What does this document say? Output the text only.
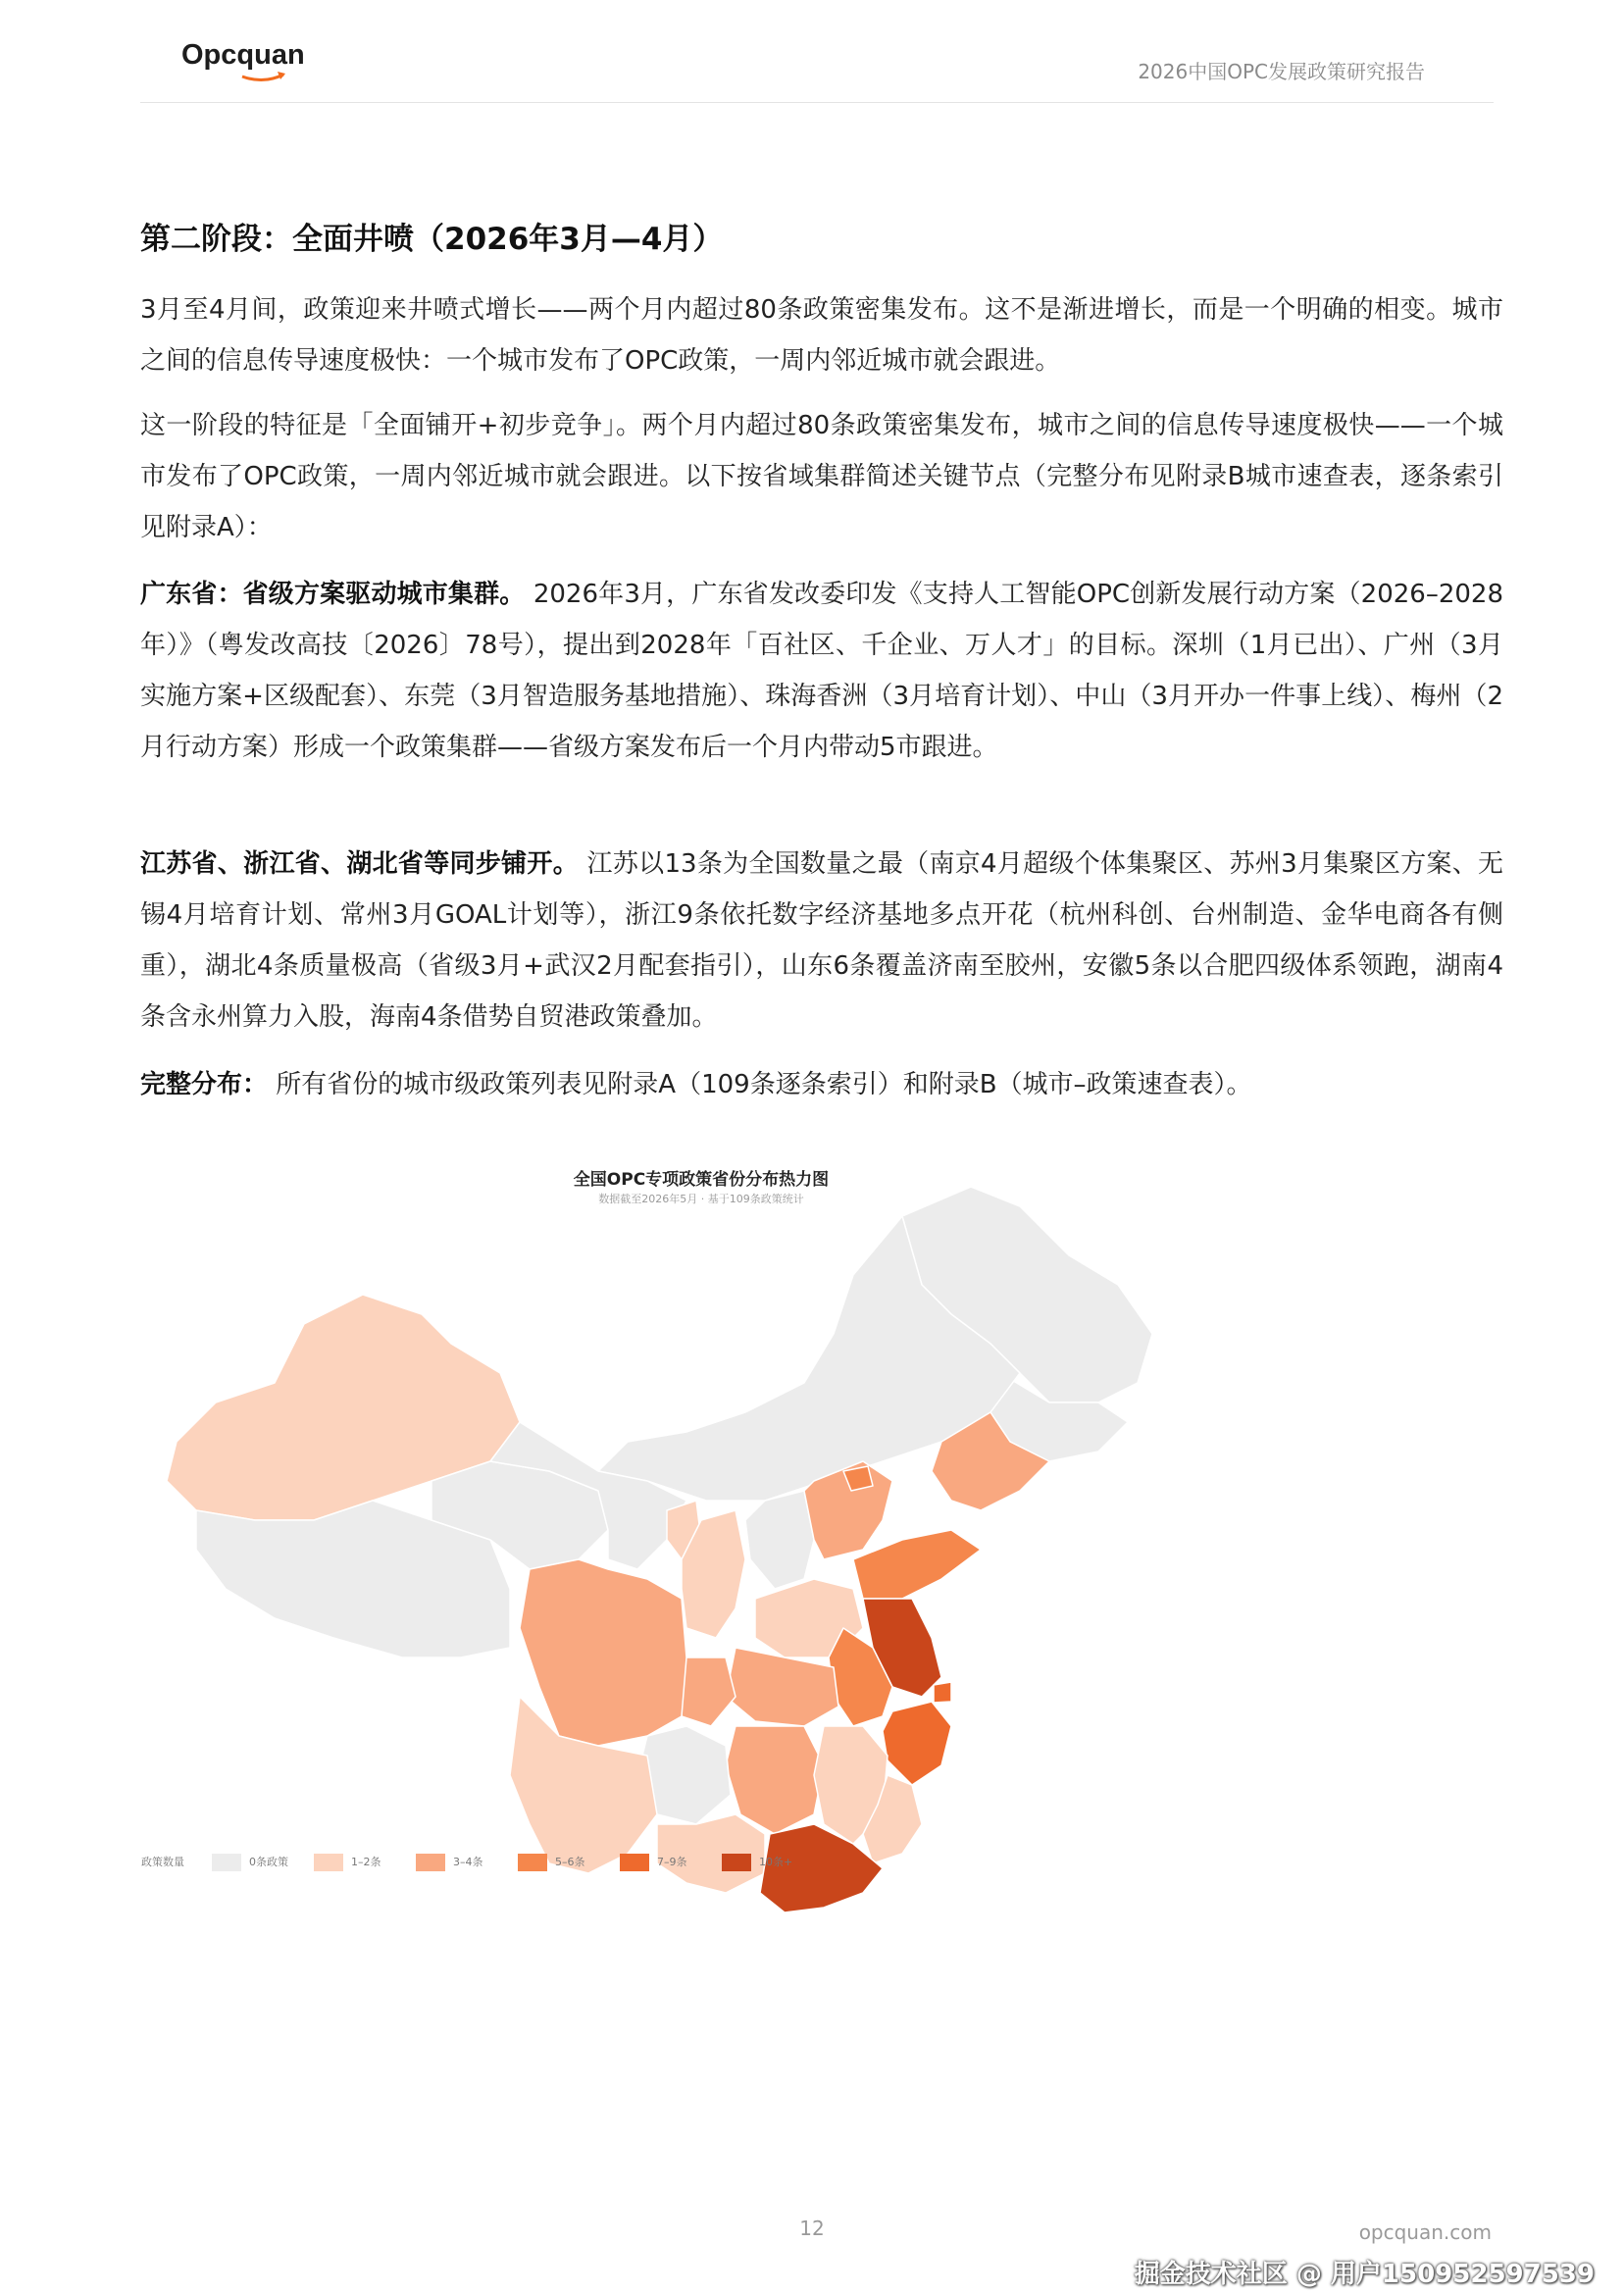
Opcquan
2026中国OPC发展政策研究报告
第二阶段：全面井喷（2026年3月—4月）

3月至4月间，政策迎来井喷式增长——两个月内超过80条政策密集发布。这不是渐进增长，而是一个明确的相变。城市之间的信息传导速度极快：一个城市发布了OPC政策，一周内邻近城市就会跟进。

这一阶段的特征是「全面铺开+初步竞争」。两个月内超过80条政策密集发布，城市之间的信息传导速度极快——一个城市发布了OPC政策，一周内邻近城市就会跟进。以下按省域集群简述关键节点（完整分布见附录B城市速查表，逐条索引见附录A）：

广东省：省级方案驱动城市集群。 2026年3月，广东省发改委印发《支持人工智能OPC创新发展行动方案（2026–2028年）》（粤发改高技〔2026〕78号），提出到2028年「百社区、千企业、万人才」的目标。深圳（1月已出）、广州（3月实施方案+区级配套）、东莞（3月智造服务基地措施）、珠海香洲（3月培育计划）、中山（3月开办一件事上线）、梅州（2月行动方案）形成一个政策集群——省级方案发布后一个月内带动5市跟进。

江苏省、浙江省、湖北省等同步铺开。 江苏以13条为全国数量之最（南京4月超级个体集聚区、苏州3月集聚区方案、无锡4月培育计划、常州3月GOAL计划等），浙江9条依托数字经济基地多点开花（杭州科创、台州制造、金华电商各有侧重），湖北4条质量极高（省级3月+武汉2月配套指引），山东6条覆盖济南至胶州，安徽5条以合肥四级体系领跑，湖南4条含永州算力入股，海南4条借势自贸港政策叠加。

完整分布： 所有省份的城市级政策列表见附录A（109条逐条索引）和附录B（城市–政策速查表）。

全国OPC专项政策省份分布热力图
数据截至2026年5月 · 基于109条政策统计
政策数量	0条政策	1–2条	3–4条	5–6条	7–9条	10条+
12	opcquan.com
掘金技术社区 @ 用户150952597539
